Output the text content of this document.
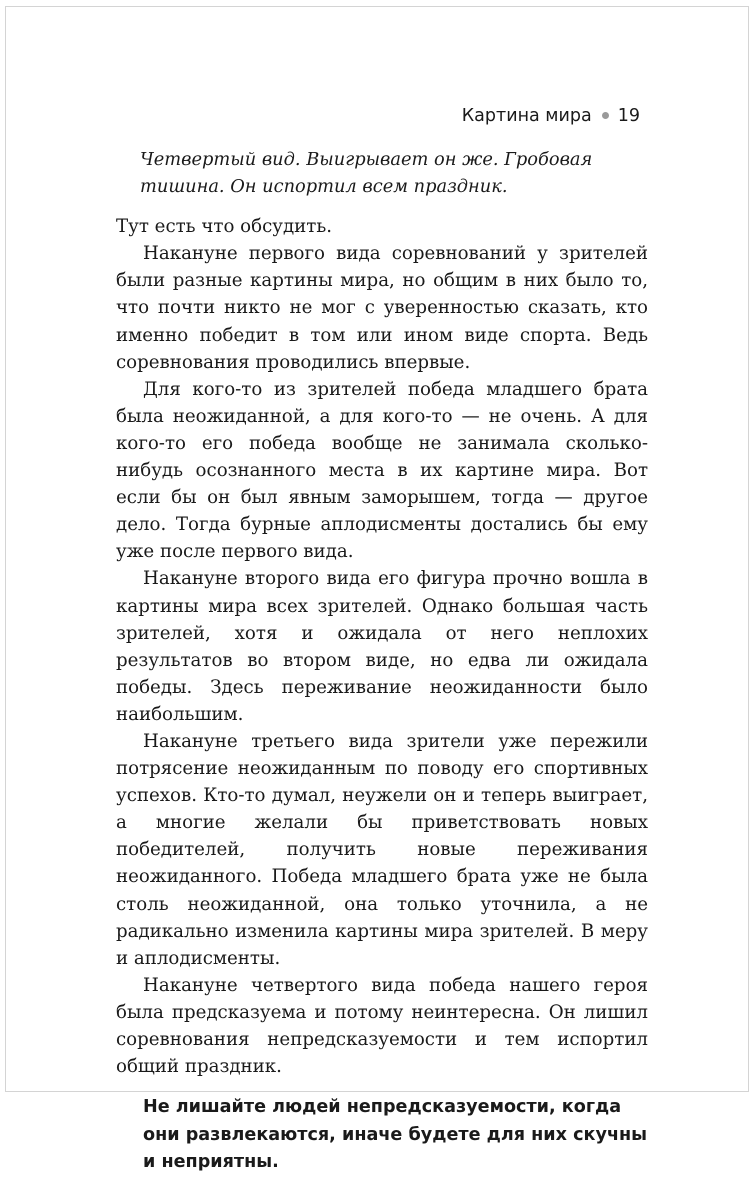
Картина мира 19

Четвертый вид. Выигрывает он же. Гробовая тишина. Он испортил всем праздник.

Тут есть что обсудить.

Накануне первого вида соревнований у зрителей были разные картины мира, но общим в них было то, что почти никто не мог с уверенностью сказать, кто именно победит в том или ином виде спорта. Ведь соревнования проводились впервые.

Для кого-то из зрителей победа младшего брата была неожиданной, а для кого-то — не очень. А для кого-то его победа вообще не занимала сколько-нибудь осознанного места в их картине мира. Вот если бы он был явным заморышем, тогда — другое дело. Тогда бурные аплодисменты достались бы ему уже после первого вида.

Накануне второго вида его фигура прочно вошла в картины мира всех зрителей. Однако большая часть зрителей, хотя и ожидала от него неплохих результатов во втором виде, но едва ли ожидала победы. Здесь переживание неожиданности было наибольшим.

Накануне третьего вида зрители уже пережили потрясение неожиданным по поводу его спортивных успехов. Кто-то думал, неужели он и теперь выиграет, а многие желали бы приветствовать новых победителей, получить новые переживания неожиданного. Победа младшего брата уже не была столь неожиданной, она только уточнила, а не радикально изменила картины мира зрителей. В меру и аплодисменты.

Накануне четвертого вида победа нашего героя была предсказуема и потому неинтересна. Он лишил соревнования непредсказуемости и тем испортил общий праздник.

Не лишайте людей непредсказуемости, когда они развлекаются, иначе будете для них скучны и неприятны.
